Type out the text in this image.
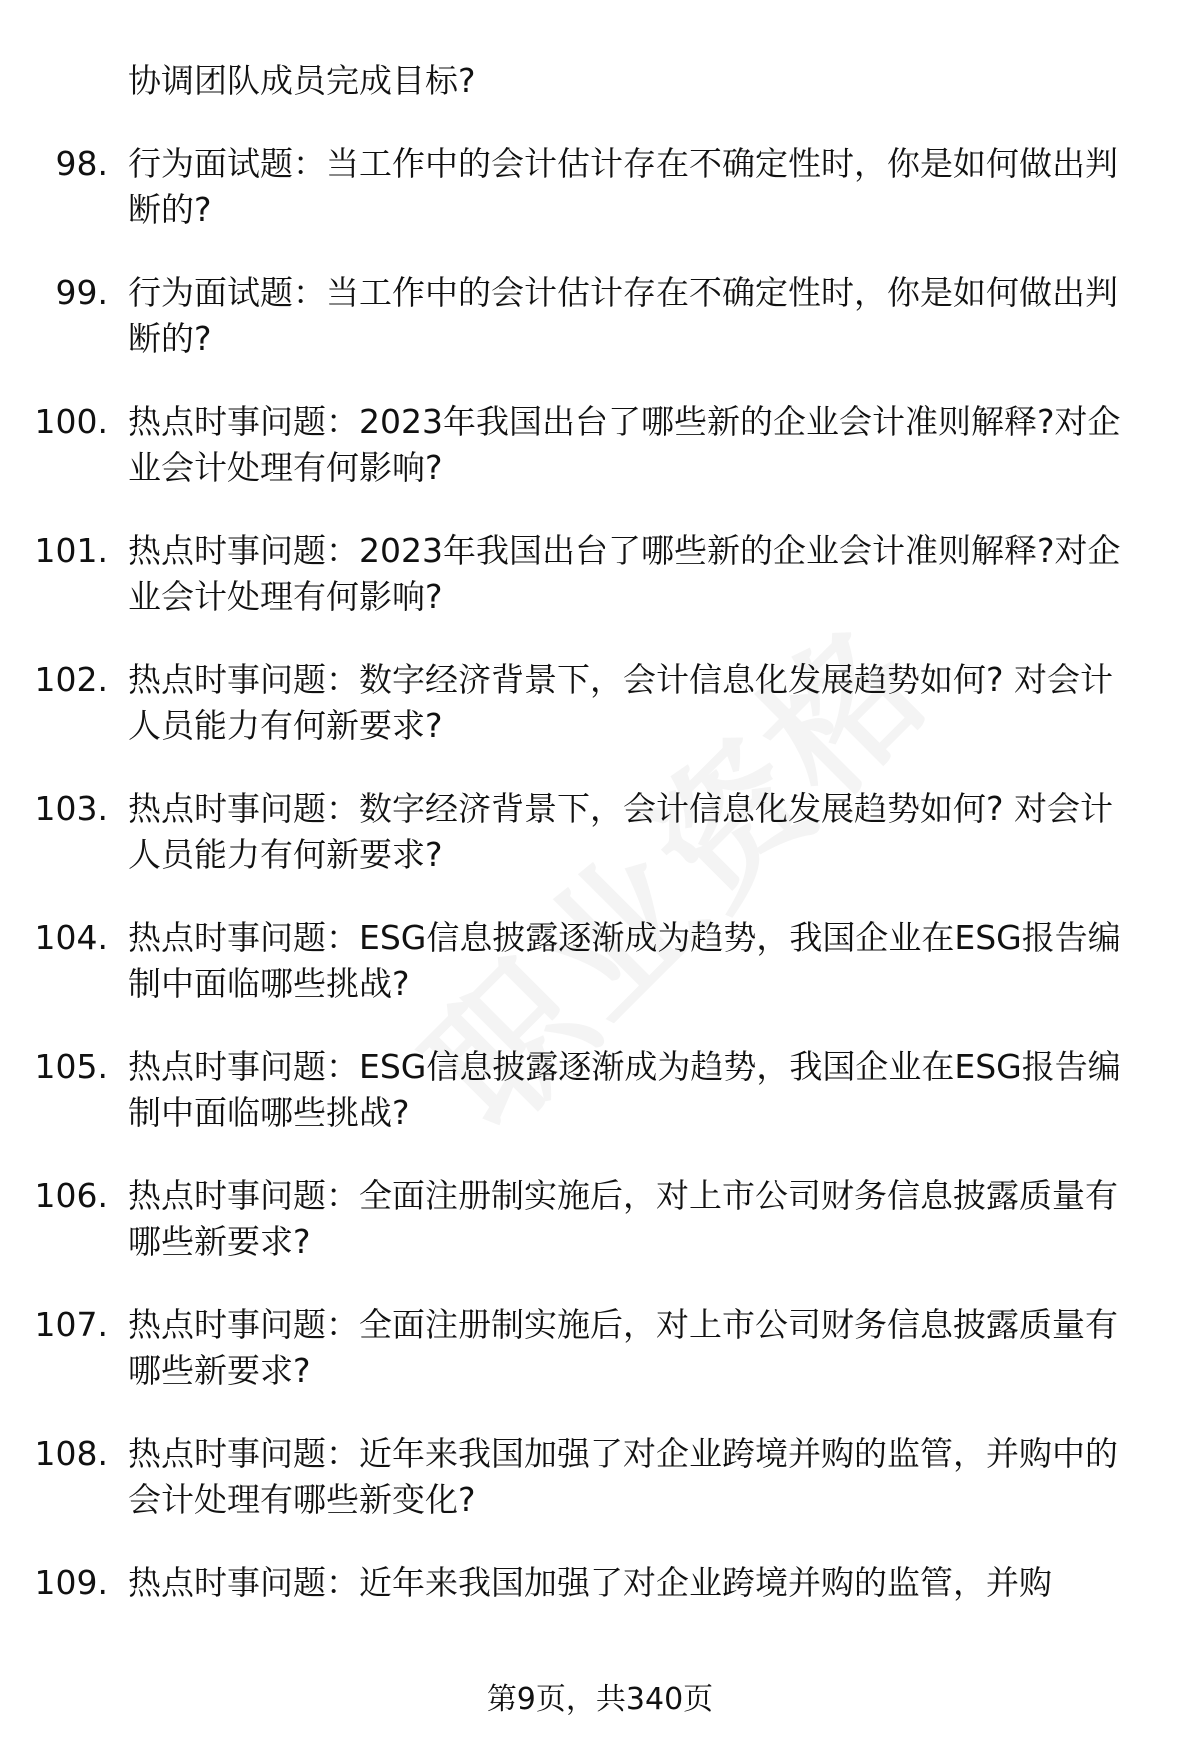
协调团队成员完成目标?
98. 行为面试题：当工作中的会计估计存在不确定性时，你是如何做出判断的?
99. 行为面试题：当工作中的会计估计存在不确定性时，你是如何做出判断的?
100. 热点时事问题：2023年我国出台了哪些新的企业会计准则解释?对企业会计处理有何影响?
101. 热点时事问题：2023年我国出台了哪些新的企业会计准则解释?对企业会计处理有何影响?
102. 热点时事问题：数字经济背景下，会计信息化发展趋势如何? 对会计人员能力有何新要求?
103. 热点时事问题：数字经济背景下，会计信息化发展趋势如何? 对会计人员能力有何新要求?
104. 热点时事问题：ESG信息披露逐渐成为趋势，我国企业在ESG报告编制中面临哪些挑战?
105. 热点时事问题：ESG信息披露逐渐成为趋势，我国企业在ESG报告编制中面临哪些挑战?
106. 热点时事问题：全面注册制实施后，对上市公司财务信息披露质量有哪些新要求?
107. 热点时事问题：全面注册制实施后，对上市公司财务信息披露质量有哪些新要求?
108. 热点时事问题：近年来我国加强了对企业跨境并购的监管，并购中的会计处理有哪些新变化?
109. 热点时事问题：近年来我国加强了对企业跨境并购的监管，并购
第9页，共340页
